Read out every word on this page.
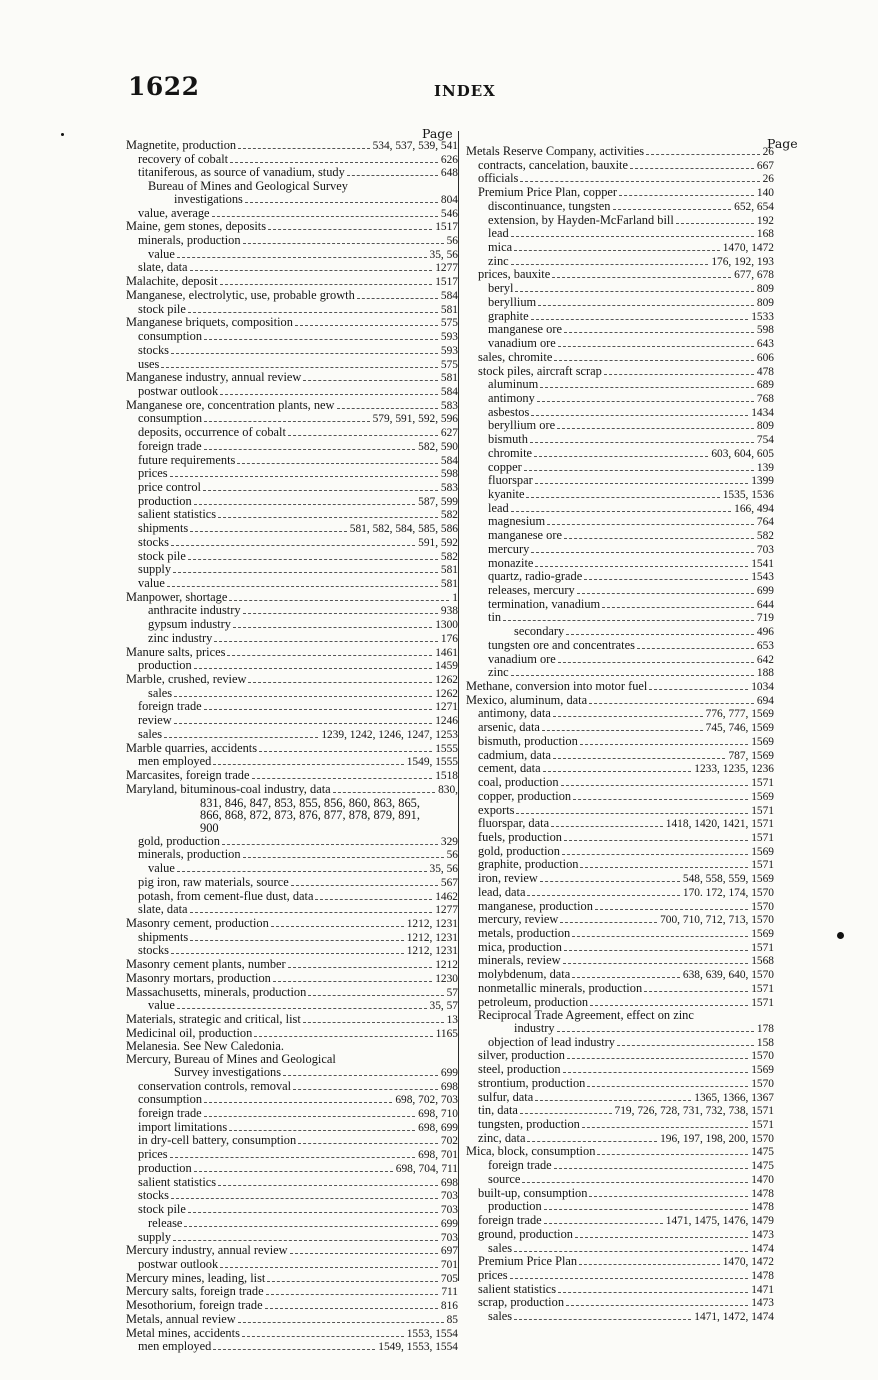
1622	INDEX
Page
Page
Magnetite, production	534, 537, 539, 541
recovery of cobalt	626
titaniferous, as source of vanadium, study	648
Bureau of Mines and Geological Survey
investigations	804
value, average	546
Maine, gem stones, deposits	1517
minerals, production	56
value	35, 56
slate, data	1277
Malachite, deposit	1517
Manganese, electrolytic, use, probable growth	584
stock pile	581
Manganese briquets, composition	575
consumption	593
stocks	593
uses	575
Manganese industry, annual review	581
postwar outlook	584
Manganese ore, concentration plants, new	583
consumption	579, 591, 592, 596
deposits, occurrence of cobalt	627
foreign trade	582, 590
future requirements	584
prices	598
price control	583
production	587, 599
salient statistics	582
shipments	581, 582, 584, 585, 586
stocks	591, 592
stock pile	582
supply	581
value	581
Manpower, shortage	1
anthracite industry	938
gypsum industry	1300
zinc industry	176
Manure salts, prices	1461
production	1459
Marble, crushed, review	1262
sales	1262
foreign trade	1271
review	1246
sales	1239, 1242, 1246, 1247, 1253
Marble quarries, accidents	1555
men employed	1549, 1555
Marcasites, foreign trade	1518
Maryland, bituminous-coal industry, data	830,
831, 846, 847, 853, 855, 856, 860, 863, 865,
866, 868, 872, 873, 876, 877, 878, 879, 891,
900
gold, production	329
minerals, production	56
value	35, 56
pig iron, raw materials, source	567
potash, from cement-flue dust, data	1462
slate, data	1277
Masonry cement, production	1212, 1231
shipments	1212, 1231
stocks	1212, 1231
Masonry cement plants, number	1212
Masonry mortars, production	1230
Massachusetts, minerals, production	57
value	35, 57
Materials, strategic and critical, list	13
Medicinal oil, production	1165
Melanesia. See New Caledonia.
Mercury, Bureau of Mines and Geological
Survey investigations	699
conservation controls, removal	698
consumption	698, 702, 703
foreign trade	698, 710
import limitations	698, 699
in dry-cell battery, consumption	702
prices	698, 701
production	698, 704, 711
salient statistics	698
stocks	703
stock pile	703
release	699
supply	703
Mercury industry, annual review	697
postwar outlook	701
Mercury mines, leading, list	705
Mercury salts, foreign trade	711
Mesothorium, foreign trade	816
Metals, annual review	85
Metal mines, accidents	1553, 1554
men employed	1549, 1553, 1554
Metals Reserve Company, activities	26
contracts, cancelation, bauxite	667
officials	26
Premium Price Plan, copper	140
discontinuance, tungsten	652, 654
extension, by Hayden-McFarland bill	192
lead	168
mica	1470, 1472
zinc	176, 192, 193
prices, bauxite	677, 678
beryl	809
beryllium	809
graphite	1533
manganese ore	598
vanadium ore	643
sales, chromite	606
stock piles, aircraft scrap	478
aluminum	689
antimony	768
asbestos	1434
beryllium ore	809
bismuth	754
chromite	603, 604, 605
copper	139
fluorspar	1399
kyanite	1535, 1536
lead	166, 494
magnesium	764
manganese ore	582
mercury	703
monazite	1541
quartz, radio-grade	1543
releases, mercury	699
termination, vanadium	644
tin	719
secondary	496
tungsten ore and concentrates	653
vanadium ore	642
zinc	188
Methane, conversion into motor fuel	1034
Mexico, aluminum, data	694
antimony, data	776, 777, 1569
arsenic, data	745, 746, 1569
bismuth, production	1569
cadmium, data	787, 1569
cement, data	1233, 1235, 1236
coal, production	1571
copper, production	1569
exports	1571
fluorspar, data	1418, 1420, 1421, 1571
fuels, production	1571
gold, production	1569
graphite, production	1571
iron, review	548, 558, 559, 1569
lead, data	170. 172, 174, 1570
manganese, production	1570
mercury, review	700, 710, 712, 713, 1570
metals, production	1569
mica, production	1571
minerals, review	1568
molybdenum, data	638, 639, 640, 1570
nonmetallic minerals, production	1571
petroleum, production	1571
Reciprocal Trade Agreement, effect on zinc
industry	178
objection of lead industry	158
silver, production	1570
steel, production	1569
strontium, production	1570
sulfur, data	1365, 1366, 1367
tin, data	719, 726, 728, 731, 732, 738, 1571
tungsten, production	1571
zinc, data	196, 197, 198, 200, 1570
Mica, block, consumption	1475
foreign trade	1475
source	1470
built-up, consumption	1478
production	1478
foreign trade	1471, 1475, 1476, 1479
ground, production	1473
sales	1474
Premium Price Plan	1470, 1472
prices	1478
salient statistics	1471
scrap, production	1473
sales	1471, 1472, 1474
